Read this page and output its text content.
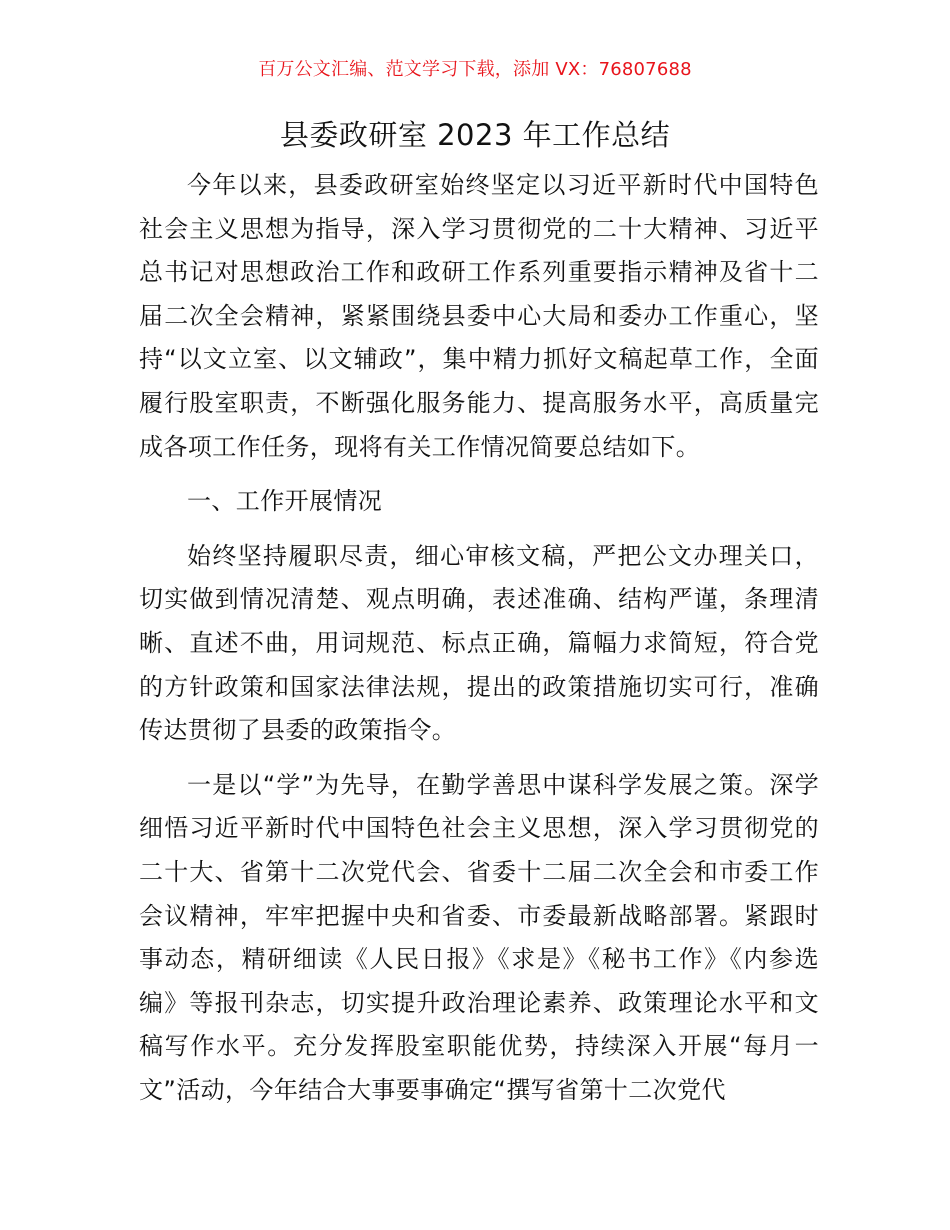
百万公文汇编、范文学习下载，添加 VX：76807688
县委政研室 2023 年工作总结

今年以来，县委政研室始终坚定以习近平新时代中国特色社会主义思想为指导，深入学习贯彻党的二十大精神、习近平总书记对思想政治工作和政研工作系列重要指示精神及省十二届二次全会精神，紧紧围绕县委中心大局和委办工作重心，坚持“以文立室、以文辅政”，集中精力抓好文稿起草工作，全面履行股室职责，不断强化服务能力、提高服务水平，高质量完成各项工作任务，现将有关工作情况简要总结如下。

一、工作开展情况

始终坚持履职尽责，细心审核文稿，严把公文办理关口，切实做到情况清楚、观点明确，表述准确、结构严谨，条理清晰、直述不曲，用词规范、标点正确，篇幅力求简短，符合党的方针政策和国家法律法规，提出的政策措施切实可行，准确传达贯彻了县委的政策指令。

一是以“学”为先导，在勤学善思中谋科学发展之策。深学细悟习近平新时代中国特色社会主义思想，深入学习贯彻党的二十大、省第十二次党代会、省委十二届二次全会和市委工作会议精神，牢牢把握中央和省委、市委最新战略部署。紧跟时事动态，精研细读《人民日报》《求是》《秘书工作》《内参选编》等报刊杂志，切实提升政治理论素养、政策理论水平和文稿写作水平。充分发挥股室职能优势，持续深入开展“每月一文”活动，今年结合大事要事确定“撰写省第十二次党代
